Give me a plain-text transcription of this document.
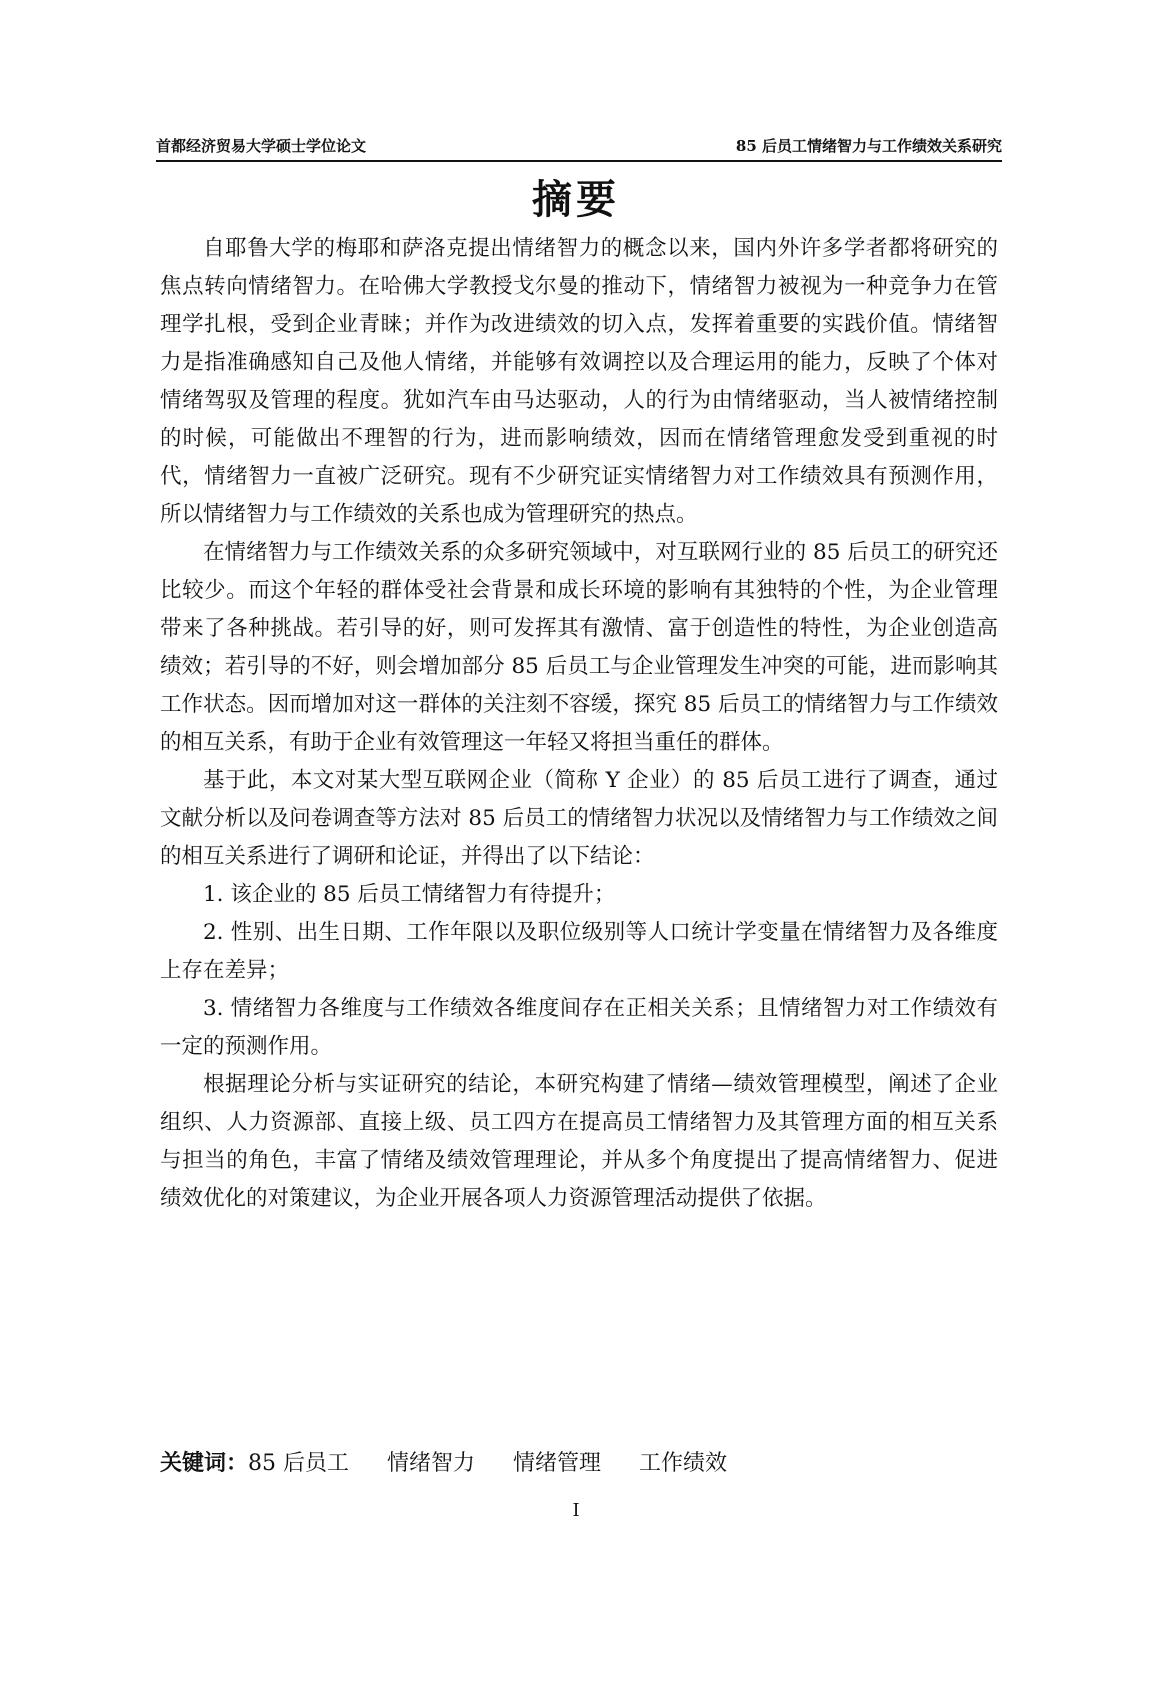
首都经济贸易大学硕士学位论文	85 后员工情绪智力与工作绩效关系研究
摘要

自耶鲁大学的梅耶和萨洛克提出情绪智力的概念以来，国内外许多学者都将研究的焦点转向情绪智力。在哈佛大学教授戈尔曼的推动下，情绪智力被视为一种竞争力在管理学扎根，受到企业青睐；并作为改进绩效的切入点，发挥着重要的实践价值。情绪智力是指准确感知自己及他人情绪，并能够有效调控以及合理运用的能力，反映了个体对情绪驾驭及管理的程度。犹如汽车由马达驱动，人的行为由情绪驱动，当人被情绪控制的时候，可能做出不理智的行为，进而影响绩效，因而在情绪管理愈发受到重视的时代，情绪智力一直被广泛研究。现有不少研究证实情绪智力对工作绩效具有预测作用，所以情绪智力与工作绩效的关系也成为管理研究的热点。

在情绪智力与工作绩效关系的众多研究领域中，对互联网行业的 85 后员工的研究还比较少。而这个年轻的群体受社会背景和成长环境的影响有其独特的个性，为企业管理带来了各种挑战。若引导的好，则可发挥其有激情、富于创造性的特性，为企业创造高绩效；若引导的不好，则会增加部分 85 后员工与企业管理发生冲突的可能，进而影响其工作状态。因而增加对这一群体的关注刻不容缓，探究 85 后员工的情绪智力与工作绩效的相互关系，有助于企业有效管理这一年轻又将担当重任的群体。

基于此，本文对某大型互联网企业（简称 Y 企业）的 85 后员工进行了调查，通过文献分析以及问卷调查等方法对 85 后员工的情绪智力状况以及情绪智力与工作绩效之间的相互关系进行了调研和论证，并得出了以下结论：

1. 该企业的 85 后员工情绪智力有待提升；

2. 性别、出生日期、工作年限以及职位级别等人口统计学变量在情绪智力及各维度上存在差异；

3. 情绪智力各维度与工作绩效各维度间存在正相关关系；且情绪智力对工作绩效有一定的预测作用。

根据理论分析与实证研究的结论，本研究构建了情绪—绩效管理模型，阐述了企业组织、人力资源部、直接上级、员工四方在提高员工情绪智力及其管理方面的相互关系与担当的角色，丰富了情绪及绩效管理理论，并从多个角度提出了提高情绪智力、促进绩效优化的对策建议，为企业开展各项人力资源管理活动提供了依据。

关键词：85 后员工 情绪智力 情绪管理 工作绩效
I
